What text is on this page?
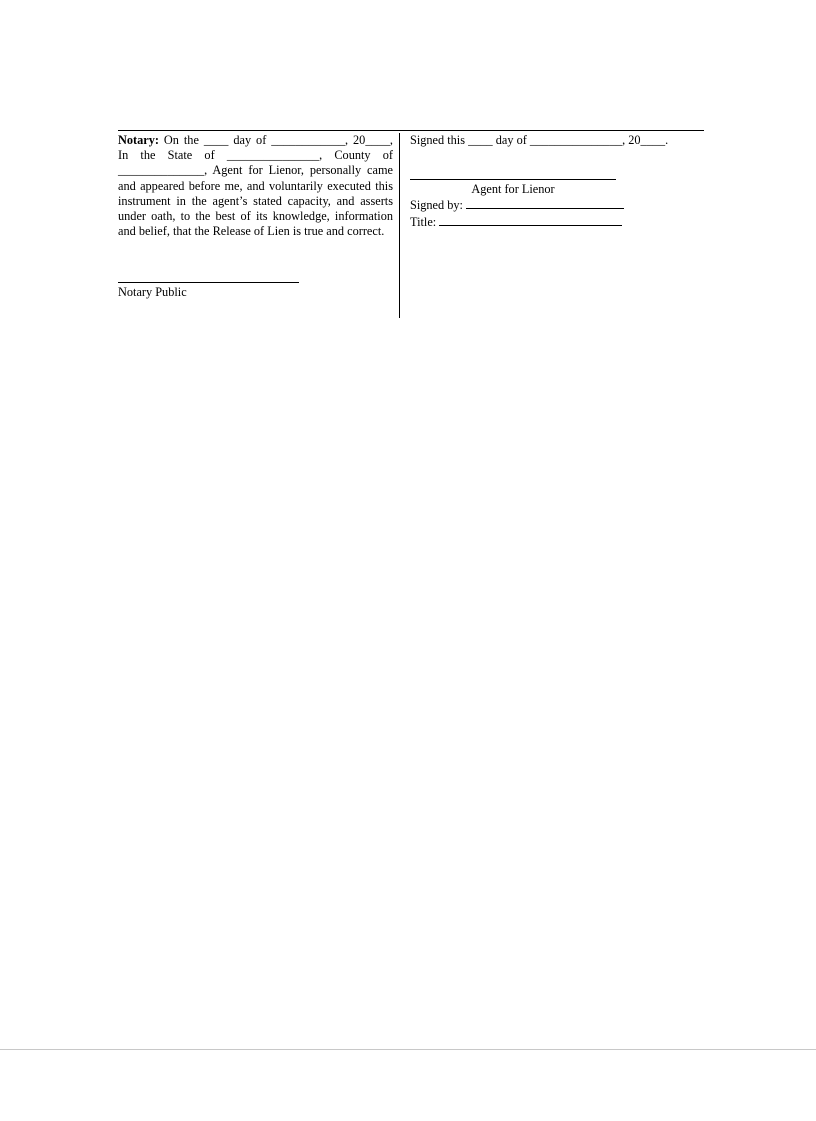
Notary: On the ____ day of ____________, 20____, In the State of _______________, County of ______________, Agent for Lienor, personally came and appeared before me, and voluntarily executed this instrument in the agent’s stated capacity, and asserts under oath, to the best of its knowledge, information and belief, that the Release of Lien is true and correct.

Notary Public

Signed this ____ day of _______________, 20____.

Agent for Lienor
Signed by:
Title:
